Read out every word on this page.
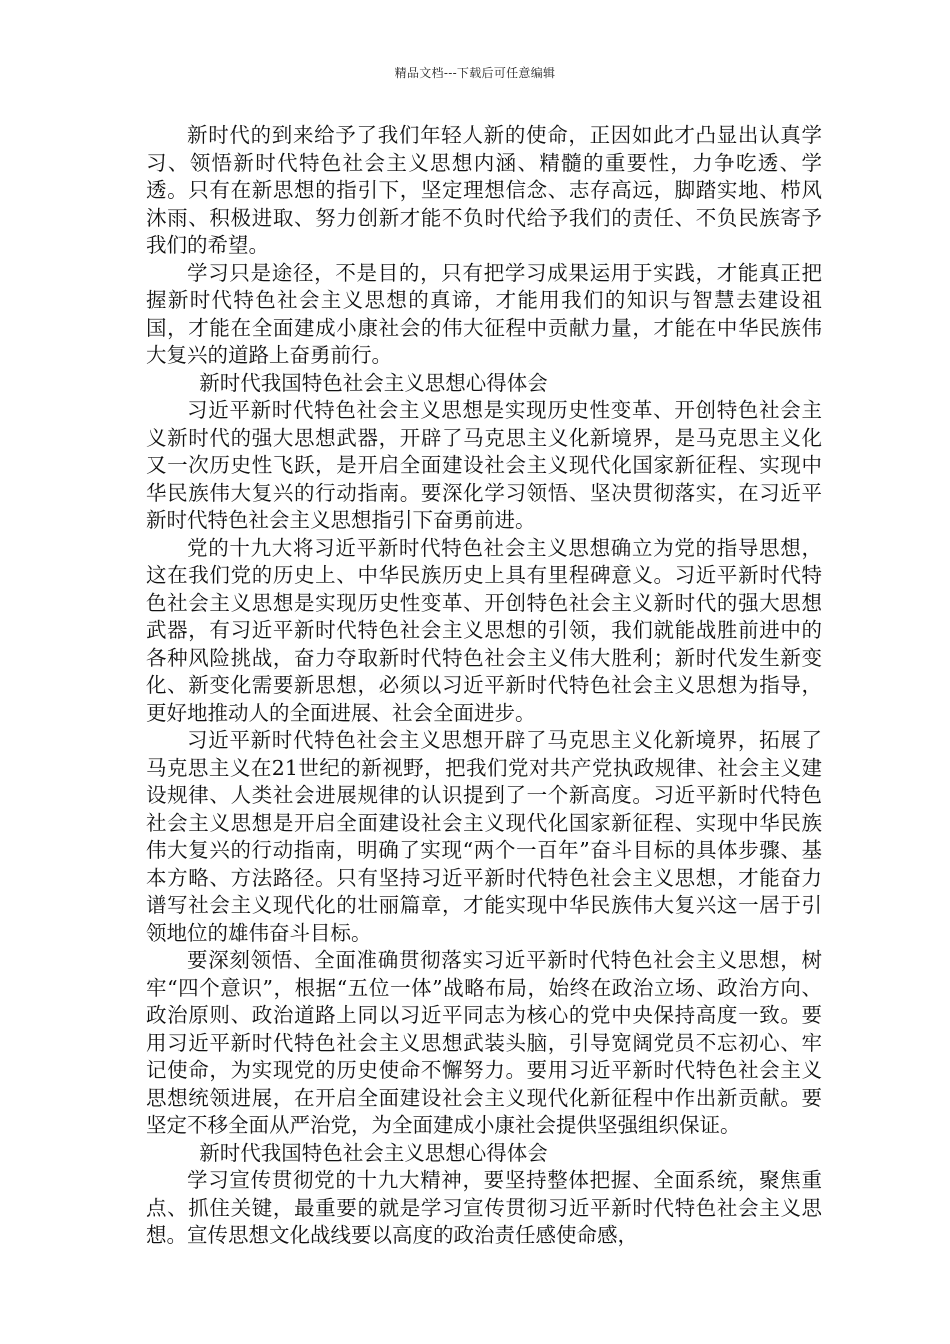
精品文档---下载后可任意编辑

新时代的到来给予了我们年轻人新的使命，正因如此才凸显出认真学习、领悟新时代特色社会主义思想内涵、精髓的重要性，力争吃透、学透。只有在新思想的指引下，坚定理想信念、志存高远，脚踏实地、栉风沐雨、积极进取、努力创新才能不负时代给予我们的责任、不负民族寄予我们的希望。

学习只是途径，不是目的，只有把学习成果运用于实践，才能真正把握新时代特色社会主义思想的真谛，才能用我们的知识与智慧去建设祖国，才能在全面建成小康社会的伟大征程中贡献力量，才能在中华民族伟大复兴的道路上奋勇前行。

新时代我国特色社会主义思想心得体会

习近平新时代特色社会主义思想是实现历史性变革、开创特色社会主义新时代的强大思想武器，开辟了马克思主义化新境界，是马克思主义化又一次历史性飞跃，是开启全面建设社会主义现代化国家新征程、实现中华民族伟大复兴的行动指南。要深化学习领悟、坚决贯彻落实，在习近平新时代特色社会主义思想指引下奋勇前进。

党的十九大将习近平新时代特色社会主义思想确立为党的指导思想，这在我们党的历史上、中华民族历史上具有里程碑意义。习近平新时代特色社会主义思想是实现历史性变革、开创特色社会主义新时代的强大思想武器，有习近平新时代特色社会主义思想的引领，我们就能战胜前进中的各种风险挑战，奋力夺取新时代特色社会主义伟大胜利；新时代发生新变化、新变化需要新思想，必须以习近平新时代特色社会主义思想为指导，更好地推动人的全面进展、社会全面进步。

习近平新时代特色社会主义思想开辟了马克思主义化新境界，拓展了马克思主义在21世纪的新视野，把我们党对共产党执政规律、社会主义建设规律、人类社会进展规律的认识提到了一个新高度。习近平新时代特色社会主义思想是开启全面建设社会主义现代化国家新征程、实现中华民族伟大复兴的行动指南，明确了实现“两个一百年”奋斗目标的具体步骤、基本方略、方法路径。只有坚持习近平新时代特色社会主义思想，才能奋力谱写社会主义现代化的壮丽篇章，才能实现中华民族伟大复兴这一居于引领地位的雄伟奋斗目标。

要深刻领悟、全面准确贯彻落实习近平新时代特色社会主义思想，树牢“四个意识”，根据“五位一体”战略布局，始终在政治立场、政治方向、政治原则、政治道路上同以习近平同志为核心的党中央保持高度一致。要用习近平新时代特色社会主义思想武装头脑，引导宽阔党员不忘初心、牢记使命，为实现党的历史使命不懈努力。要用习近平新时代特色社会主义思想统领进展，在开启全面建设社会主义现代化新征程中作出新贡献。要坚定不移全面从严治党，为全面建成小康社会提供坚强组织保证。

新时代我国特色社会主义思想心得体会

学习宣传贯彻党的十九大精神，要坚持整体把握、全面系统，聚焦重点、抓住关键，最重要的就是学习宣传贯彻习近平新时代特色社会主义思想。宣传思想文化战线要以高度的政治责任感使命感，
